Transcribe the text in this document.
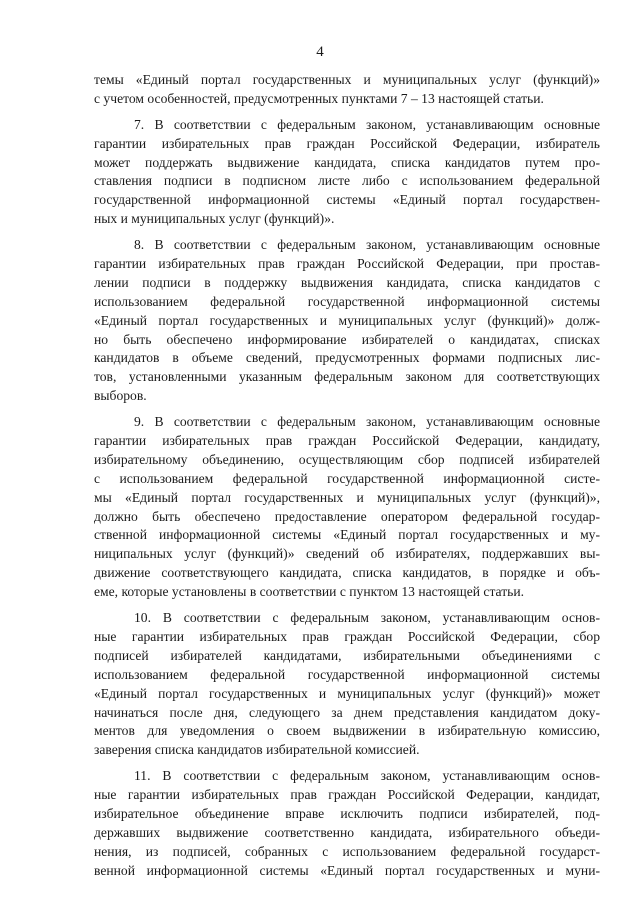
4
темы «Единый портал государственных и муниципальных услуг (функций)»
с учетом особенностей, предусмотренных пунктами 7 – 13 настоящей статьи.
7. В соответствии с федеральным законом, устанавливающим основные
гарантии избирательных прав граждан Российской Федерации, избиратель
может поддержать выдвижение кандидата, списка кандидатов путем про-
ставления подписи в подписном листе либо с использованием федеральной
государственной информационной системы «Единый портал государствен-
ных и муниципальных услуг (функций)».
8. В соответствии с федеральным законом, устанавливающим основные
гарантии избирательных прав граждан Российской Федерации, при простав-
лении подписи в поддержку выдвижения кандидата, списка кандидатов с
использованием федеральной государственной информационной системы
«Единый портал государственных и муниципальных услуг (функций)» долж-
но быть обеспечено информирование избирателей о кандидатах, списках
кандидатов в объеме сведений, предусмотренных формами подписных лис-
тов, установленными указанным федеральным законом для соответствующих
выборов.
9. В соответствии с федеральным законом, устанавливающим основные
гарантии избирательных прав граждан Российской Федерации, кандидату,
избирательному объединению, осуществляющим сбор подписей избирателей
с использованием федеральной государственной информационной систе-
мы «Единый портал государственных и муниципальных услуг (функций)»,
должно быть обеспечено предоставление оператором федеральной государ-
ственной информационной системы «Единый портал государственных и му-
ниципальных услуг (функций)» сведений об избирателях, поддержавших вы-
движение соответствующего кандидата, списка кандидатов, в порядке и объ-
еме, которые установлены в соответствии с пунктом 13 настоящей статьи.
10. В соответствии с федеральным законом, устанавливающим основ-
ные гарантии избирательных прав граждан Российской Федерации, сбор
подписей избирателей кандидатами, избирательными объединениями с
использованием федеральной государственной информационной системы
«Единый портал государственных и муниципальных услуг (функций)» может
начинаться после дня, следующего за днем представления кандидатом доку-
ментов для уведомления о своем выдвижении в избирательную комиссию,
заверения списка кандидатов избирательной комиссией.
11. В соответствии с федеральным законом, устанавливающим основ-
ные гарантии избирательных прав граждан Российской Федерации, кандидат,
избирательное объединение вправе исключить подписи избирателей, под-
державших выдвижение соответственно кандидата, избирательного объеди-
нения, из подписей, собранных с использованием федеральной государст-
венной информационной системы «Единый портал государственных и муни-
